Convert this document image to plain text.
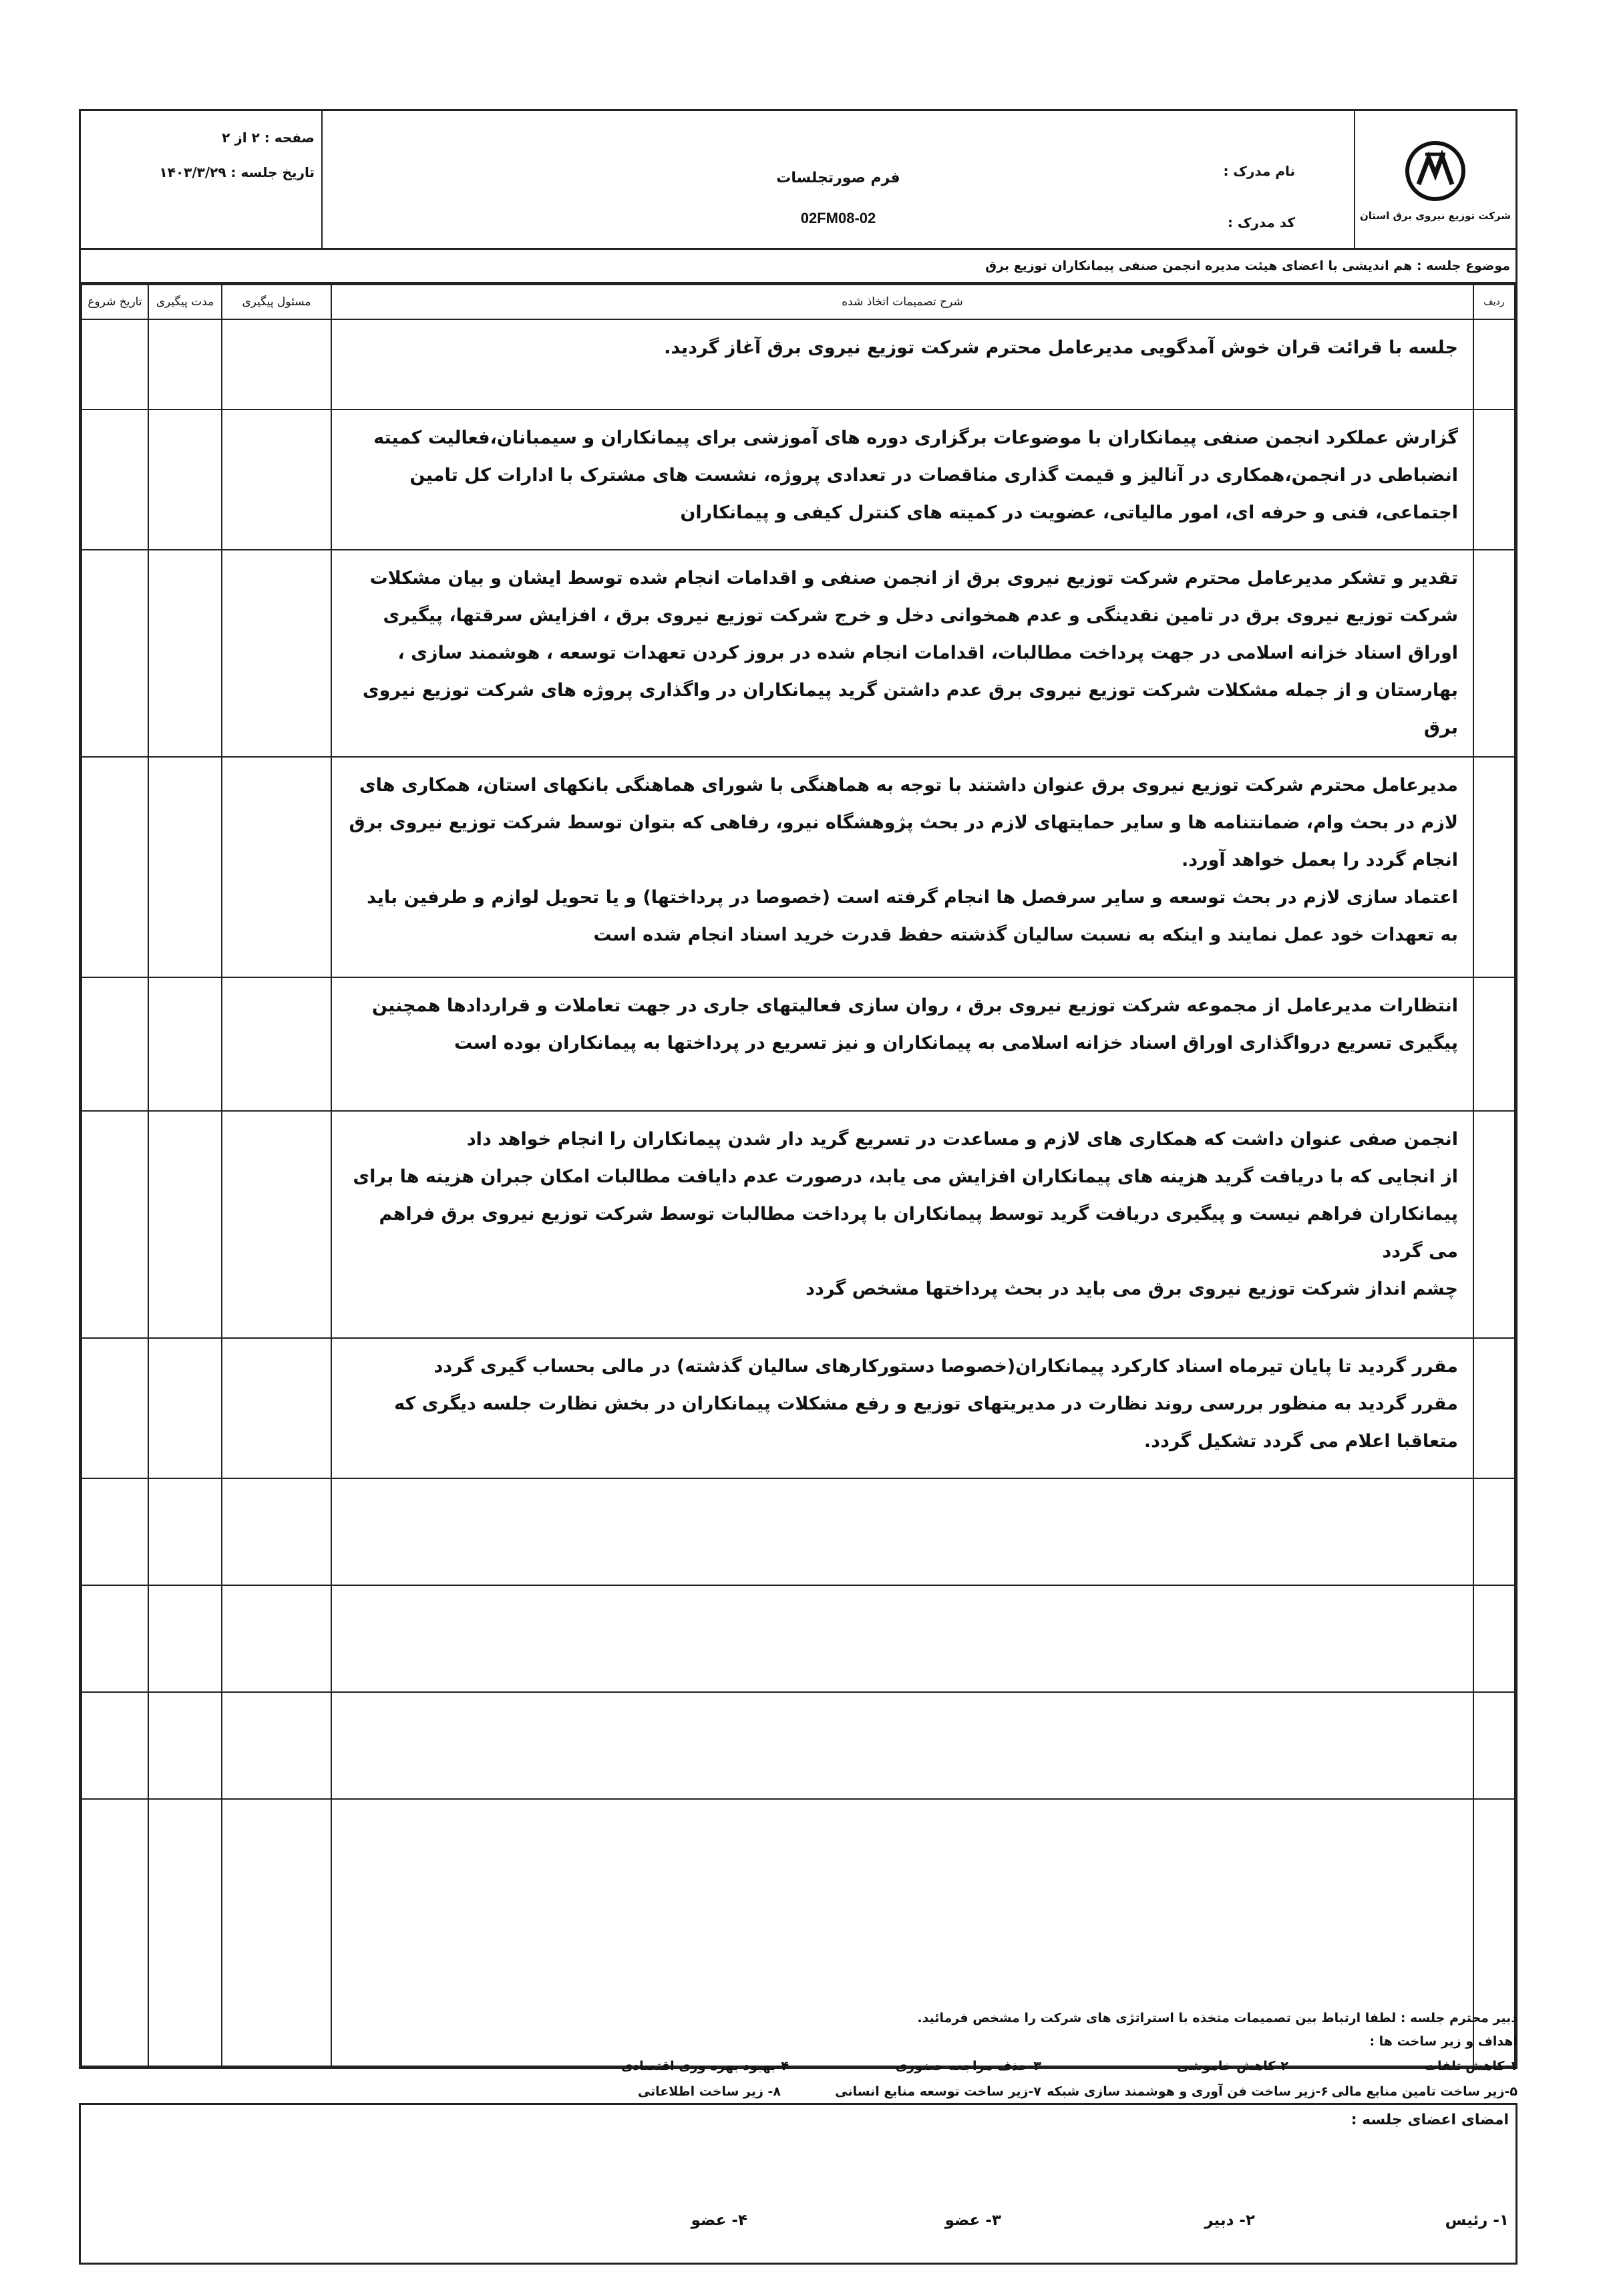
شرکت توزیع نیروی برق استان
نام مدرک :
کد مدرک :
فرم صورتجلسات
02FM08-02
صفحه : ۲ از ۲
تاریخ جلسه : ۱۴۰۳/۳/۲۹
موضوع جلسه : هم اندیشی با اعضای هیئت مدیره انجمن صنفی پیمانکاران توزیع برق
ردیف	شرح تصمیمات اتخاذ شده	مسئول پیگیری	مدت پیگیری	تاریخ شروع

	جلسه با قرائت قران خوش آمدگویی مدیرعامل محترم شرکت توزیع نیروی برق آغاز گردید.			

	گزارش عملکرد انجمن صنفی پیمانکاران با موضوعات برگزاری دوره های آموزشی برای پیمانکاران و سیمبانان،فعالیت کمیته انضباطی در انجمن،همکاری در آنالیز و قیمت گذاری مناقصات در تعدادی پروژه، نشست های مشترک با ادارات کل تامین اجتماعی، فنی و حرفه ای، امور مالیاتی، عضویت در کمیته های کنترل کیفی و پیمانکاران			

	تقدیر و تشکر مدیرعامل محترم شرکت توزیع نیروی برق از انجمن صنفی و اقدامات انجام شده توسط ایشان و بیان مشکلات شرکت توزیع نیروی برق در تامین نقدینگی و عدم همخوانی دخل و خرج شرکت توزیع نیروی برق ، افزایش سرقتها، پیگیری اوراق اسناد خزانه اسلامی در جهت پرداخت مطالبات، اقدامات انجام شده در بروز کردن تعهدات توسعه ، هوشمند سازی ، بهارستان و از جمله مشکلات شرکت توزیع نیروی برق عدم داشتن گرید پیمانکاران در واگذاری پروژه های شرکت توزیع نیروی برق			

	مدیرعامل محترم شرکت توزیع نیروی برق عنوان داشتند با توجه به هماهنگی با شورای هماهنگی بانکهای استان، همکاری های لازم در بحث وام، ضمانتنامه ها و سایر حمایتهای لازم در بحث پژوهشگاه نیرو، رفاهی که بتوان توسط شرکت توزیع نیروی برق انجام گردد را بعمل خواهد آورد.
اعتماد سازی لازم در بحث توسعه و سایر سرفصل ها انجام گرفته است (خصوصا در پرداختها) و یا تحویل لوازم و طرفین باید به تعهدات خود عمل نمایند و اینکه به نسبت سالیان گذشته حفظ قدرت خرید اسناد انجام شده است			

	انتظارات مدیرعامل از مجموعه شرکت توزیع نیروی برق ، روان سازی فعالیتهای جاری در جهت تعاملات و قراردادها همچنین پیگیری تسریع درواگذاری اوراق اسناد خزانه اسلامی به پیمانکاران و نیز تسریع در پرداختها به پیمانکاران بوده است			

	انجمن صفی عنوان داشت که همکاری های لازم و مساعدت در تسریع گرید دار شدن پیمانکاران را انجام خواهد داد
از انجایی که با دریافت گرید هزینه های پیمانکاران افزایش می یابد، درصورت عدم دایافت مطالبات امکان جبران هزینه ها برای پیمانکاران فراهم نیست و پیگیری دریافت گرید توسط پیمانکاران با پرداخت مطالبات توسط شرکت توزیع نیروی برق فراهم می گردد
چشم انداز شرکت توزیع نیروی برق می باید در بحث پرداختها مشخص گردد			

	مقرر گردید تا پایان تیرماه اسناد کارکرد پیمانکاران(خصوصا دستورکارهای سالیان گذشته) در مالی بحساب گیری گردد
مقرر گردید به منظور بررسی روند نظارت در مدیریتهای توزیع و رفع مشکلات پیمانکاران در بخش نظارت جلسه دیگری که متعاقبا اعلام می گردد تشکیل گردد.			

دبیر محترم جلسه : لطفا ارتباط بین تصمیمات متخذه با استراتژی های شرکت را مشخص فرمائید.
اهداف و زیر ساخت ها :
۱-کاهش تلفات
۲-کاهش خاموشی
۳-حذف مراجعه حضوری
۴-بهبود بهره وری اقتصادی
۵-زیر ساخت تامین منابع مالی
۶-زیر ساخت فن آوری و هوشمند سازی شبکه
۷-زیر ساخت توسعه منابع انسانی
۸- زیر ساخت اطلاعاتی
امضای اعضای جلسه :
۱- رئیس
۲- دبیر
۳- عضو
۴- عضو
